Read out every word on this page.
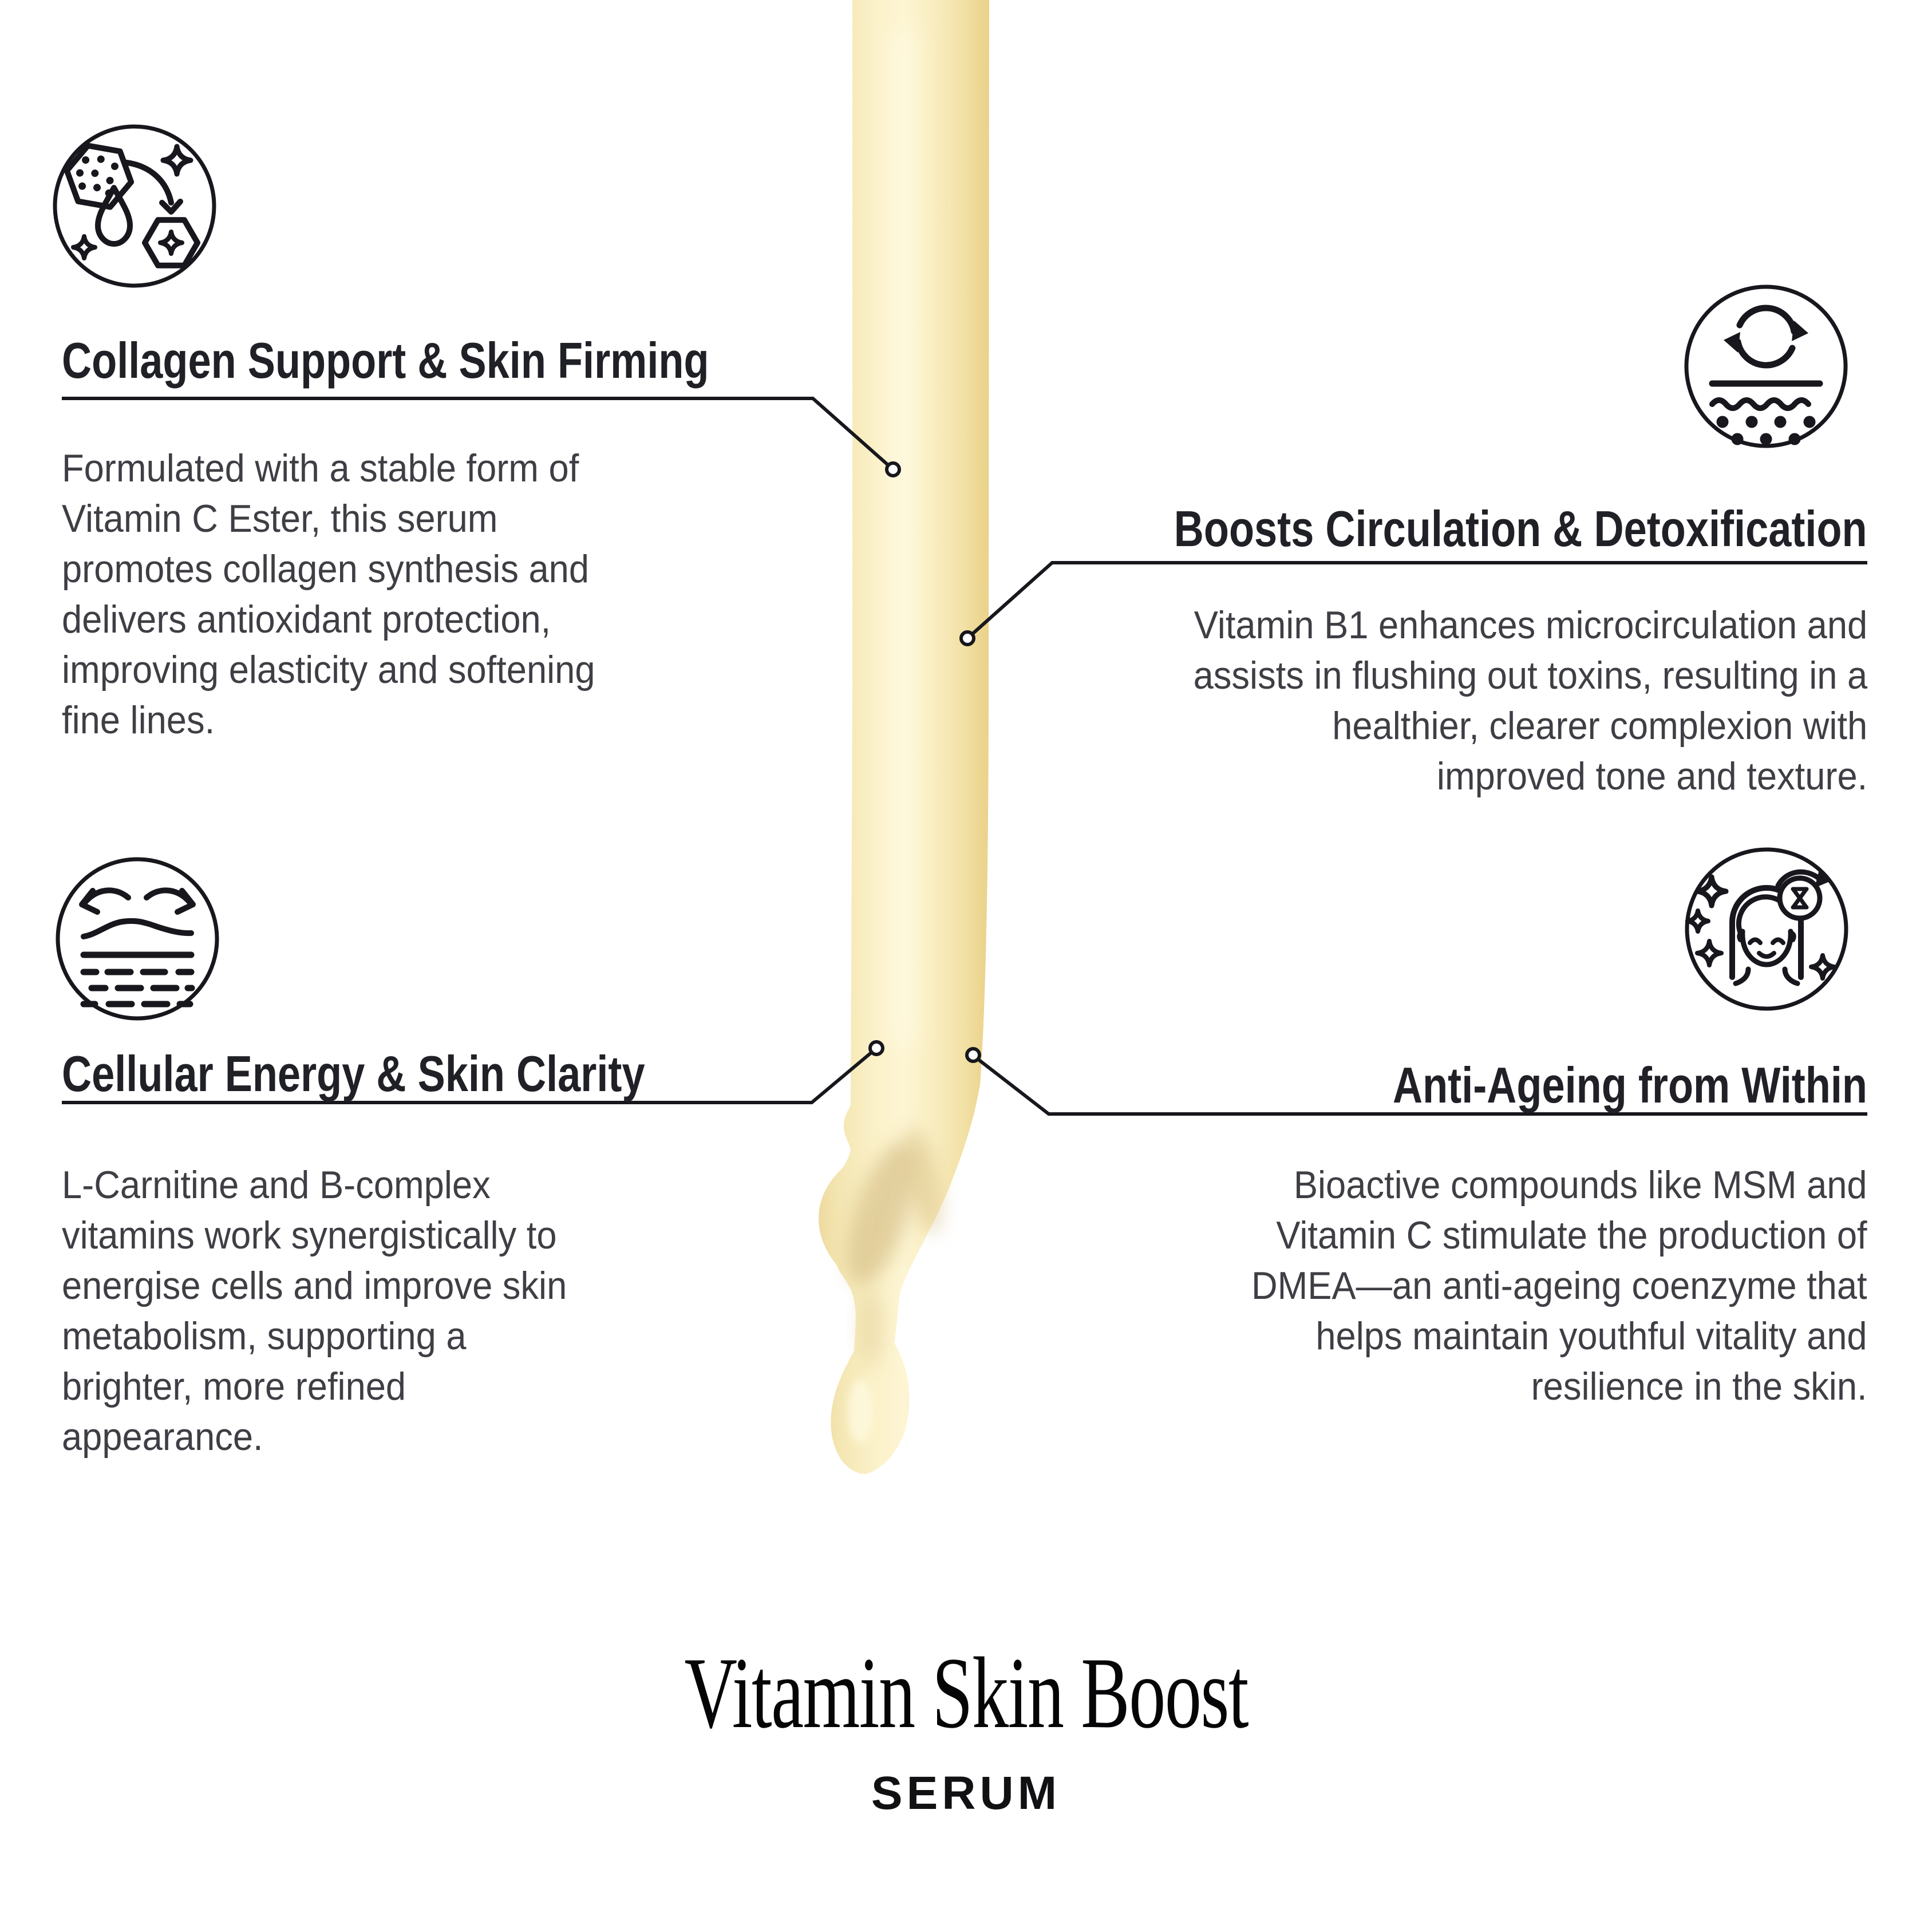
Collagen Support & Skin Firming
Formulated with a stable form of
Vitamin C Ester, this serum
promotes collagen synthesis and
delivers antioxidant protection,
improving elasticity and softening
fine lines.
Boosts Circulation & Detoxification
Vitamin B1 enhances microcirculation and
assists in flushing out toxins, resulting in a
healthier, clearer complexion with
improved tone and texture.
Cellular Energy & Skin Clarity
L-Carnitine and B-complex
vitamins work synergistically to
energise cells and improve skin
metabolism, supporting a
brighter, more refined
appearance.
Anti-Ageing from Within
Bioactive compounds like MSM and
Vitamin C stimulate the production of
DMEA—an anti-ageing coenzyme that
helps maintain youthful vitality and
resilience in the skin.
Vitamin Skin Boost
SERUM
